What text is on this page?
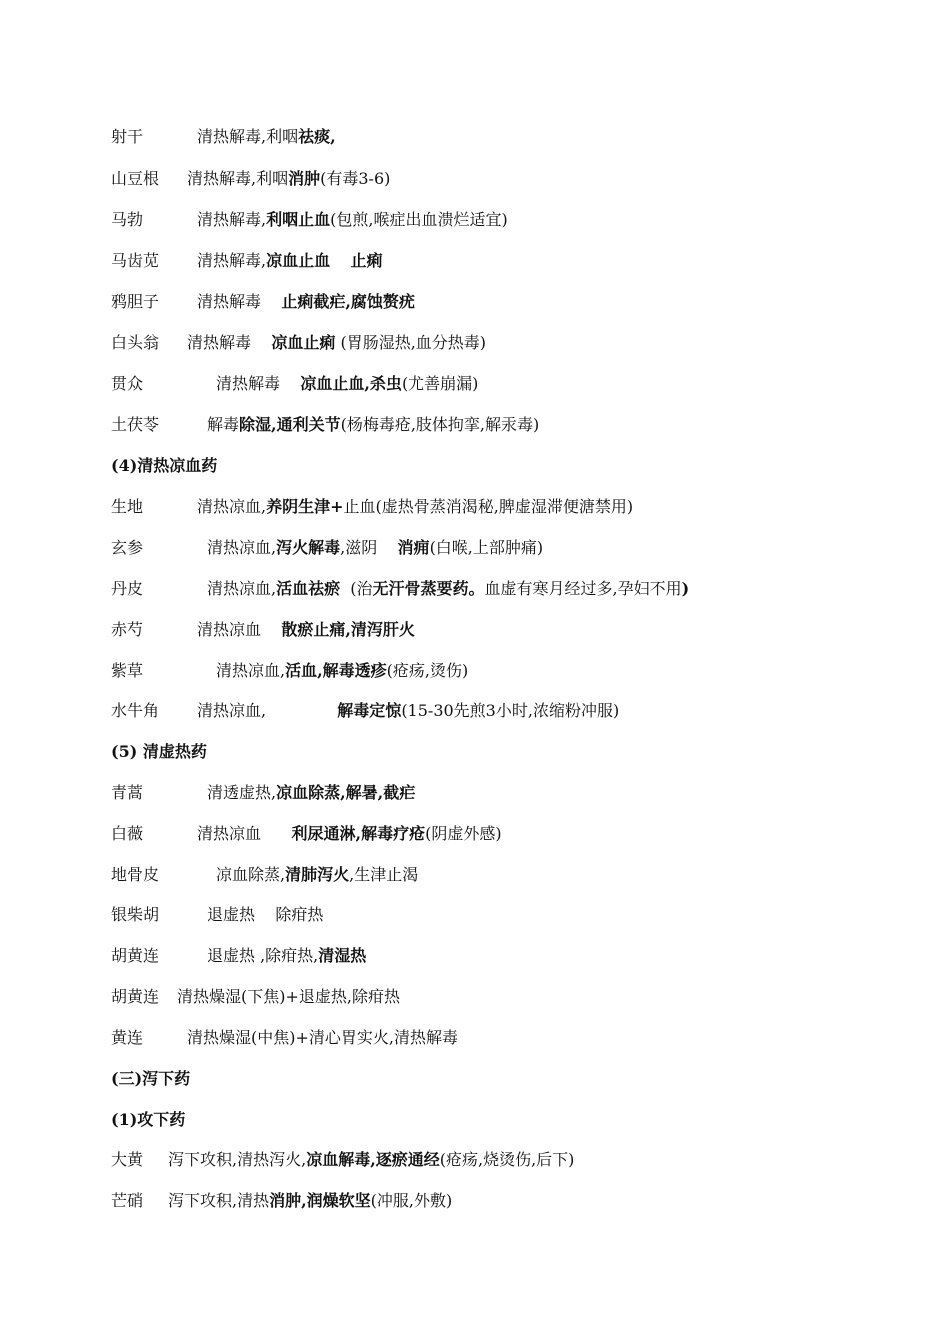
射干	清热解毒,利咽祛痰,
山豆根 清热解毒,利咽消肿(有毒3-6)
马勃	清热解毒,利咽止血(包煎,喉症出血溃烂适宜)
马齿苋 清热解毒,凉血止血 止痢
鸦胆子 清热解毒 止痢截疟,腐蚀赘疣
白头翁 清热解毒 凉血止痢 (胃肠湿热,血分热毒)
贯众	清热解毒 凉血止血,杀虫(尤善崩漏)
土茯苓	解毒除湿,通利关节(杨梅毒疮,肢体拘挛,解汞毒)
(4)清热凉血药
生地	清热凉血,养阴生津+止血(虚热骨蒸消渴秘,脾虚湿滞便溏禁用)
玄参	清热凉血,泻火解毒,滋阴 消痈(白喉,上部肿痛)
丹皮	清热凉血,活血祛瘀  (治无汗骨蒸要药。血虚有寒月经过多,孕妇不用)
赤芍	清热凉血 散瘀止痛,清泻肝火
紫草	清热凉血,活血,解毒透疹(疮疡,烫伤)
水牛角 清热凉血,	解毒定惊(15-30先煎3小时,浓缩粉冲服)
(5) 清虚热药
青蒿	清透虚热,凉血除蒸,解暑,截疟
白薇	清热凉血 利尿通淋,解毒疗疮(阴虚外感)
地骨皮	凉血除蒸,清肺泻火,生津止渴
银柴胡	退虚热 除疳热
胡黄连	退虚热 ,除疳热,清湿热
胡黄连 清热燥湿(下焦)+退虚热,除疳热
黄连	清热燥湿(中焦)+清心胃实火,清热解毒
(三)泻下药
(1)攻下药
大黄 泻下攻积,清热泻火,凉血解毒,逐瘀通经(疮疡,烧烫伤,后下)
芒硝 泻下攻积,清热消肿,润燥软坚(冲服,外敷)
